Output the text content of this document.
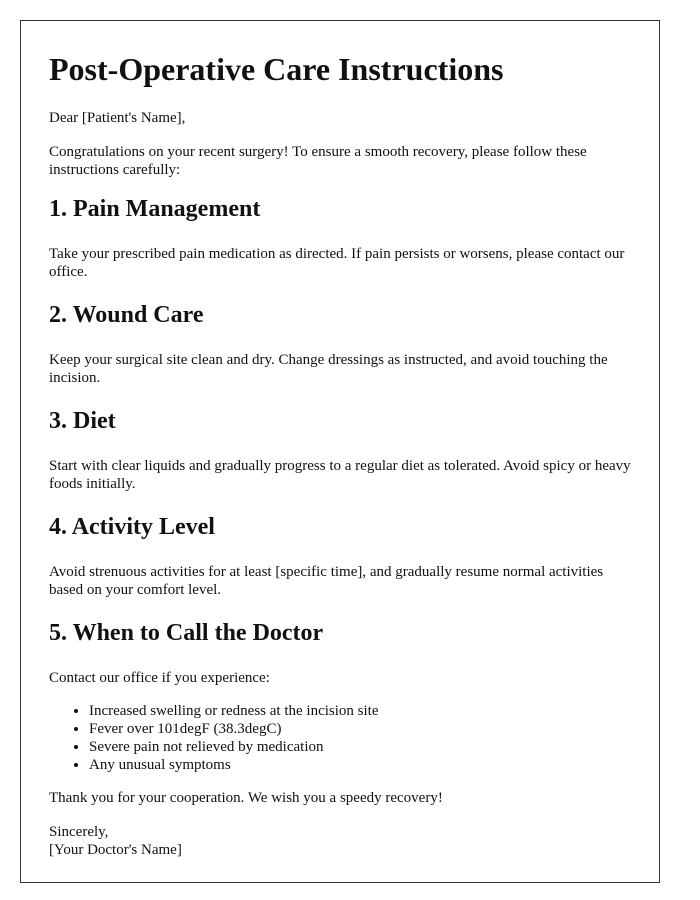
Post-Operative Care Instructions

Dear [Patient's Name],

Congratulations on your recent surgery! To ensure a smooth recovery, please follow these instructions carefully:

1. Pain Management

Take your prescribed pain medication as directed. If pain persists or worsens, please contact our office.

2. Wound Care

Keep your surgical site clean and dry. Change dressings as instructed, and avoid touching the incision.

3. Diet

Start with clear liquids and gradually progress to a regular diet as tolerated. Avoid spicy or heavy foods initially.

4. Activity Level

Avoid strenuous activities for at least [specific time], and gradually resume normal activities based on your comfort level.

5. When to Call the Doctor

Contact our office if you experience:

• Increased swelling or redness at the incision site
• Fever over 101degF (38.3degC)
• Severe pain not relieved by medication
• Any unusual symptoms

Thank you for your cooperation. We wish you a speedy recovery!

Sincerely,
[Your Doctor's Name]
